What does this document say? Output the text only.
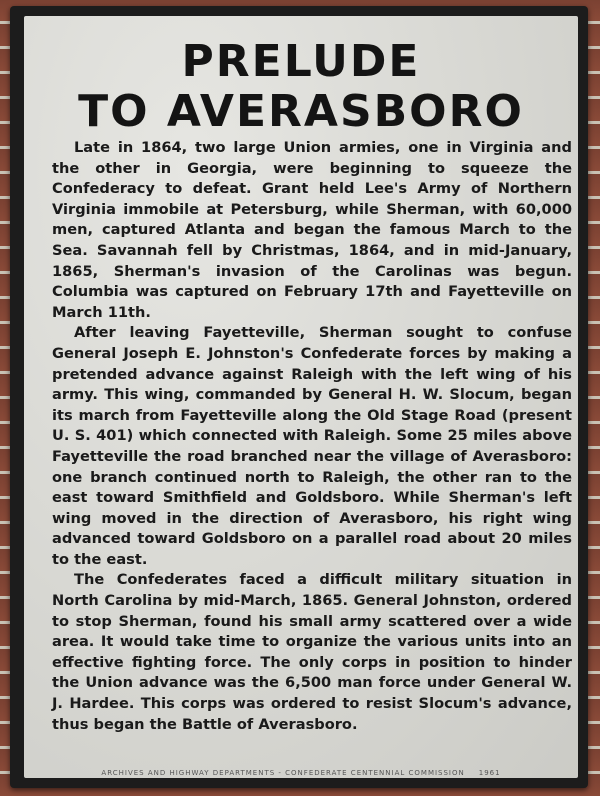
PRELUDE
TO AVERASBORO

Late in 1864, two large Union armies, one in Virginia and the other in Georgia, were beginning to squeeze the Confederacy to defeat. Grant held Lee's Army of Northern Virginia immobile at Petersburg, while Sherman, with 60,000 men, captured Atlanta and began the famous March to the Sea. Savannah fell by Christmas, 1864, and in mid-January, 1865, Sherman's invasion of the Carolinas was begun. Columbia was captured on February 17th and Fayetteville on March 11th.

After leaving Fayetteville, Sherman sought to confuse General Joseph E. Johnston's Confederate forces by making a pretended advance against Raleigh with the left wing of his army. This wing, commanded by General H. W. Slocum, began its march from Fayetteville along the Old Stage Road (present U. S. 401) which connected with Raleigh. Some 25 miles above Fayetteville the road branched near the village of Averasboro: one branch continued north to Raleigh, the other ran to the east toward Smithfield and Goldsboro. While Sherman's left wing moved in the direction of Averasboro, his right wing advanced toward Goldsboro on a parallel road about 20 miles to the east.

The Confederates faced a difficult military situation in North Carolina by mid-March, 1865. General Johnston, ordered to stop Sherman, found his small army scattered over a wide area. It would take time to organize the various units into an effective fighting force. The only corps in position to hinder the Union advance was the 6,500 man force under General W. J. Hardee. This corps was ordered to resist Slocum's advance, thus began the Battle of Averasboro.

ARCHIVES AND HIGHWAY DEPARTMENTS - CONFEDERATE CENTENNIAL COMMISSION 1961
